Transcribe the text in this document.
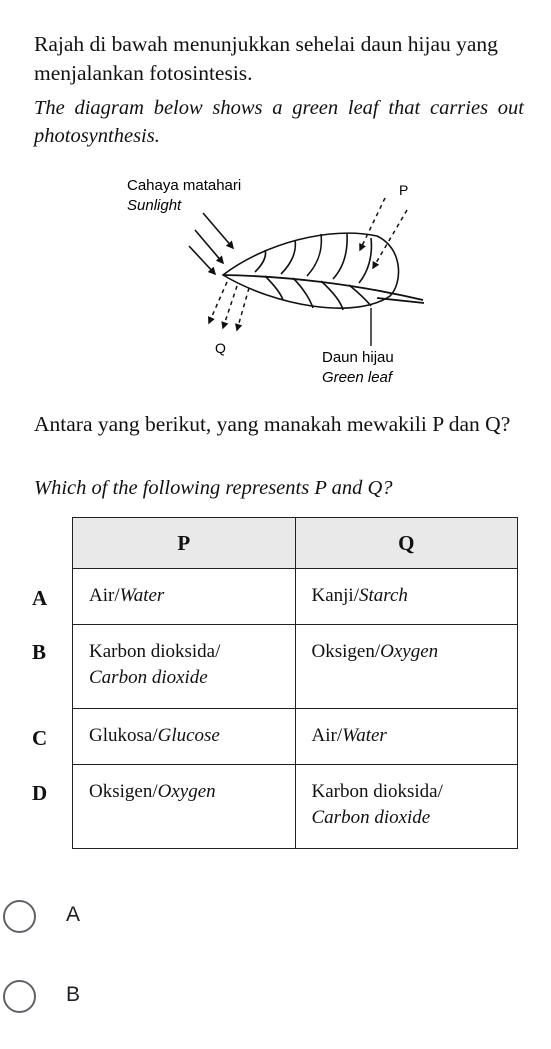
Rajah di bawah menunjukkan sehelai daun hijau yang menjalankan fotosintesis.
The diagram below shows a green leaf that carries out photosynthesis.
Cahaya matahari
Sunlight
P
Q
Daun hijau
Green leaf
Antara yang berikut, yang manakah mewakili P dan Q?
Which of the following represents P and Q?
A
B
C
D
P	Q
Air/Water	Kanji/Starch
Karbon dioksida/
Carbon dioxide	Oksigen/Oxygen
Glukosa/Glucose	Air/Water
Oksigen/Oxygen	Karbon dioksida/
Carbon dioxide
A
B
